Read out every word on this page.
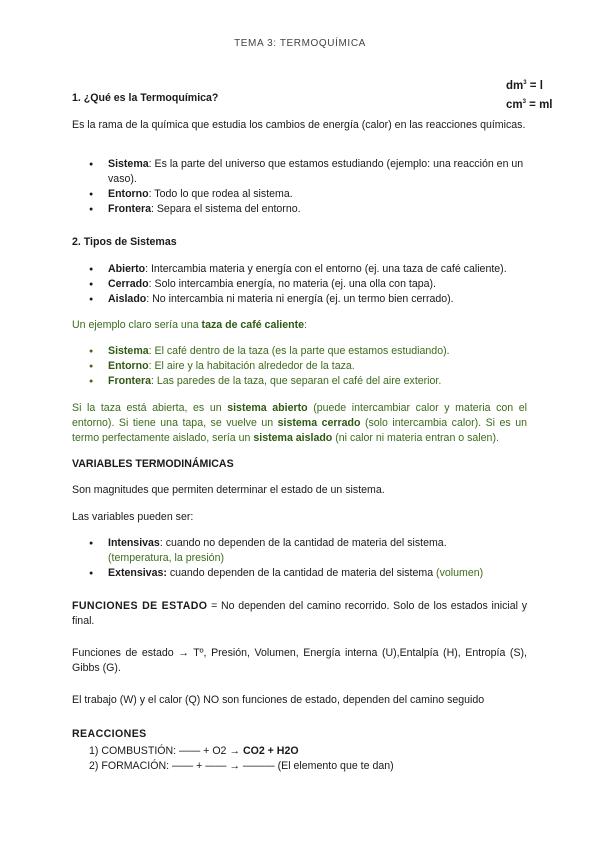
TEMA 3: TERMOQUÍMICA
$dm^3 = l$
$cm^3$ = ml
1. ¿Qué es la Termoquímica?
Es la rama de la química que estudia los cambios de energía (calor) en las reacciones químicas.
● Sistema: Es la parte del universo que estamos estudiando (ejemplo: una reacción en un vaso).
● Entorno: Todo lo que rodea al sistema.
● Frontera: Separa el sistema del entorno.
2. Tipos de Sistemas
● Abierto: Intercambia materia y energía con el entorno (ej. una taza de café caliente).
● Cerrado: Solo intercambia energía, no materia (ej. una olla con tapa).
● Aislado: No intercambia ni materia ni energía (ej. un termo bien cerrado).
Un ejemplo claro sería una taza de café caliente:
● Sistema: El café dentro de la taza (es la parte que estamos estudiando).
● Entorno: El aire y la habitación alrededor de la taza.
● Frontera: Las paredes de la taza, que separan el café del aire exterior.
Si la taza está abierta, es un sistema abierto (puede intercambiar calor y materia con el entorno). Si tiene una tapa, se vuelve un sistema cerrado (solo intercambia calor). Si es un termo perfectamente aislado, sería un sistema aislado (ni calor ni materia entran o salen).
VARIABLES TERMODINÁMICAS
Son magnitudes que permiten determinar el estado de un sistema.
Las variables pueden ser:
● Intensivas: cuando no dependen de la cantidad de materia del sistema.
(temperatura, la presión)
● Extensivas: cuando dependen de la cantidad de materia del sistema (volumen)
FUNCIONES DE ESTADO = No dependen del camino recorrido. Solo de los estados inicial y final.
Funciones de estado → Tº, Presión, Volumen, Energía interna (U),Entalpía (H), Entropía (S), Gibbs (G).
El trabajo (W) y el calor (Q) NO son funciones de estado, dependen del camino seguido
REACCIONES
1) COMBUSTIÓN: —— + O2 → CO2 + H2O
2) FORMACIÓN: —— + —— → ——— (El elemento que te dan)
